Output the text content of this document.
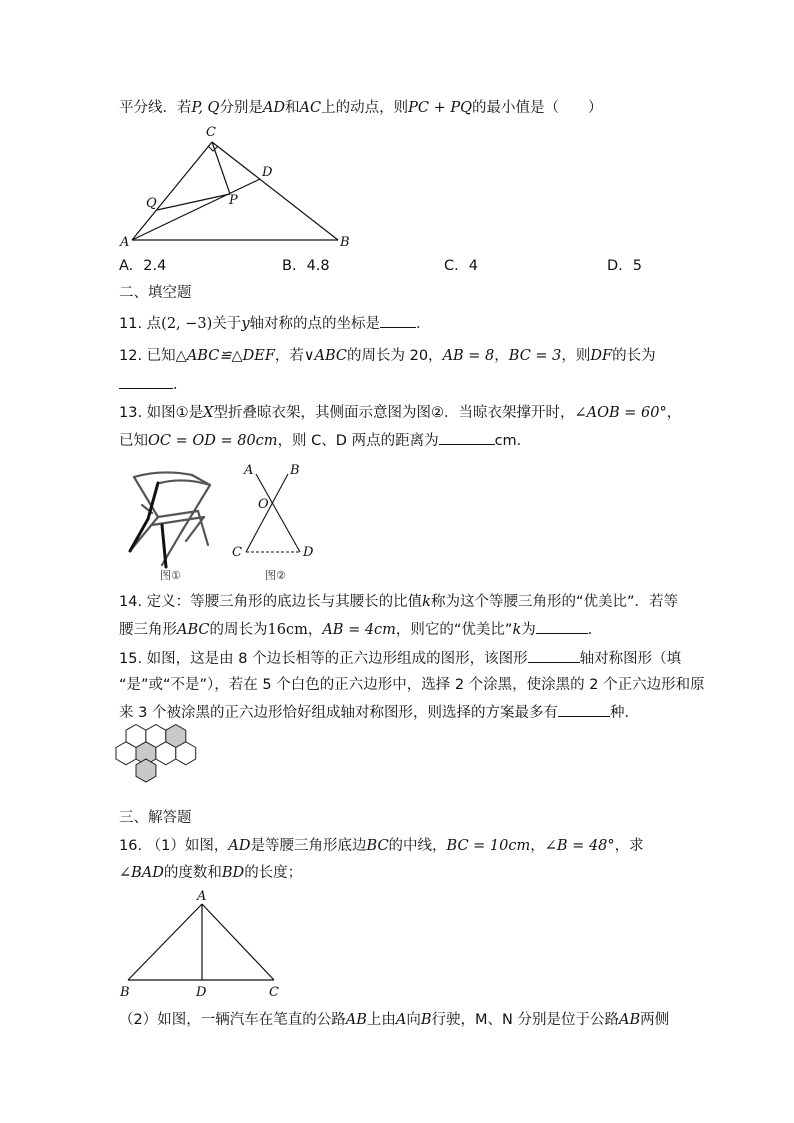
平分线．若P, Q分别是AD和AC上的动点，则PC + PQ的最小值是（　　）
C
D
Q	P
A	B
A. 2.4	B. 4.8	C. 4	D. 5
二、填空题
11. 点(2, −3)关于y轴对称的点的坐标是 ．
12. 已知△ABC≌△DEF，若∨ABC的周长为 20，AB = 8，BC = 3，则DF的长为
．
13. 如图①是X型折叠晾衣架，其侧面示意图为图②．当晾衣架撑开时，∠AOB = 60°，
已知OC = OD = 80cm，则 C、D 两点的距离为	cm．
图①
A	B
O
C	D
图②
14. 定义：等腰三角形的底边长与其腰长的比值k称为这个等腰三角形的“优美比”．若等
腰三角形ABC的周长为16cm，AB = 4cm，则它的“优美比”k为	．
15. 如图，这是由 8 个边长相等的正六边形组成的图形，该图形	轴对称图形（填
“是”或“不是”），若在 5 个白色的正六边形中，选择 2 个涂黑，使涂黑的 2 个正六边形和原
来 3 个被涂黑的正六边形恰好组成轴对称图形，则选择的方案最多有	种．
三、解答题
16. （1）如图，AD是等腰三角形底边BC的中线，BC = 10cm，∠B = 48°，求
∠BAD的度数和BD的长度；
A
B	D	C
（2）如图，一辆汽车在笔直的公路AB上由A向B行驶，M、N 分别是位于公路AB两侧
